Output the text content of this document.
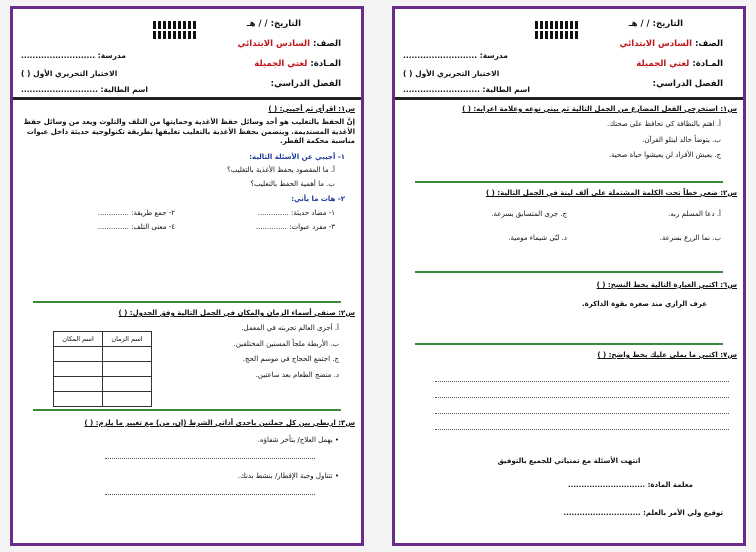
التاريخ: / / هـ
الصف: السادس الابتدائي
المـادة: لغتي الجميلة
الفصل الدراسي:
مدرسة: ..........................
الاختبار التحريري الأول ( )
اسم الطالبة: ...........................
س١: استخرجي الفعل المضارع من الجمل التالية ثم بيني نوعه وعلامة اعرابه: ( )
أ. اهتم بالنظافة كي تحافظ على صحتك.
ب. يتوضأ خالد ليتلو القرآن.
ج. يعيش الأفراد لن يعيشوا حياة صحية.
س٢: ضعي خطاً تحت الكلمة المشتملة على ألف لينة في الجمل التالية: ( )
أ. دعا المسلم ربه.
ج. جرى المتسابق بسرعة.
ب. نما الزرع بسرعة.
د. لبّى شيماء مومية.
س٦: اكتبي العبارة التالية بخط النسخ: ( )
عرف الرازي منذ صغره بقوة الذاكرة.
س٧: اكتبي ما يملى عليك بخط واضح: ( )
انتهت الأسئلة مع تمنياتي للجميع بالتوفيق
معلمة المادة: .............................
توقيع ولي الأمر بالعلم: .............................
التاريخ: / / هـ
الصف: السادس الابتدائي
المـادة: لغتي الجميلة
الفصل الدراسي:
مدرسة: ..........................
الاختبار التحريري الأول ( )
اسم الطالبة: ...........................
س١: اقرأي ثم أجيبي: ( )
إنَّ الحفظ بالتغليب هو أحد وسائل حفظ الأغذية وحمايتها من التلف والتلوث ويعد من وسائل حفظ الأغذية المستديمة. ويتضمن بحفظ الأغذية بالتغليب تغليفها بطريقة تكنولوجية حديثة داخل عبوات مناسبة محكمة القطر.
١- أجيبي عن الأسئلة التالية:
أ. ما المقصود بحفظ الأغذية بالتغليب؟
ب. ما أهمية الحفظ بالتغليب؟
٢- هات ما يأتي:
١- مضاد حديثة: ..............
٢- جمع طريقة: ..............
٣- مفرد عبوات: ..............
٤- معنى التلف: ..............
س٢: صنفي أسماء الزمان والمكان في الجمل التالية وفق الجدول: ( )
أ. أجرى العالم تجربته في المعمل.
ب. الأربطة ملجأ المسنين المختلفين.
ج. اجتمع الحجاج في موسم الحج.
د. منضج الطعام بعد ساعتين.
اسم الزمان	اسم المكان

س٣: اربطي بين كل جملتين باحدى أداتي الشرط (إن، من) مع تغيير ما يلزم: ( )
• يهمل العلاج/ يتأخر شفاؤه.
• تتناول وجبة الإفطار/ بنشط بدنك.
